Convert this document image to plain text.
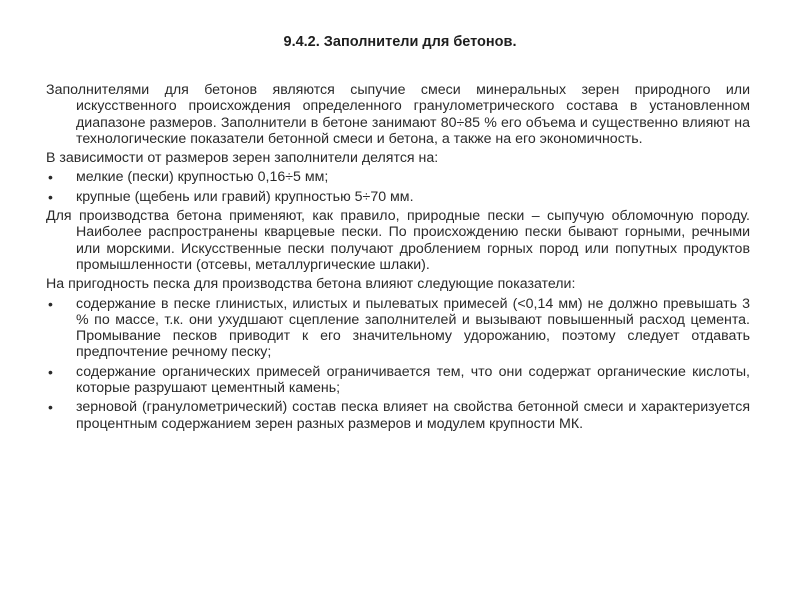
9.4.2. Заполнители для бетонов.

Заполнителями для бетонов являются сыпучие смеси минеральных зерен природного или искусственного происхождения определенного гранулометрического состава в установленном диапазоне размеров. Заполнители в бетоне занимают 80÷85 % его объема и существенно влияют на технологические показатели бетонной смеси и бетона, а также на его экономичность.

В зависимости от размеров зерен заполнители делятся на:

• мелкие (пески) крупностью 0,16÷5 мм;
• крупные (щебень или гравий) крупностью 5÷70 мм.

Для производства бетона применяют, как правило, природные пески – сыпучую обломочную породу. Наиболее распространены кварцевые пески. По происхождению пески бывают горными, речными или морскими. Искусственные пески получают дроблением горных пород или попутных продуктов промышленности (отсевы, металлургические шлаки).

На пригодность песка для производства бетона влияют следующие показатели:

• содержание в песке глинистых, илистых и пылеватых примесей (<0,14 мм) не должно превышать 3 % по массе, т.к. они ухудшают сцепление заполнителей и вызывают повышенный расход цемента. Промывание песков приводит к его значительному удорожанию, поэтому следует отдавать предпочтение речному песку;
• содержание органических примесей ограничивается тем, что они содержат органические кислоты, которые разрушают цементный камень;
• зерновой (гранулометрический) состав песка влияет на свойства бетонной смеси и характеризуется процентным содержанием зерен разных размеров и модулем крупности МК.
